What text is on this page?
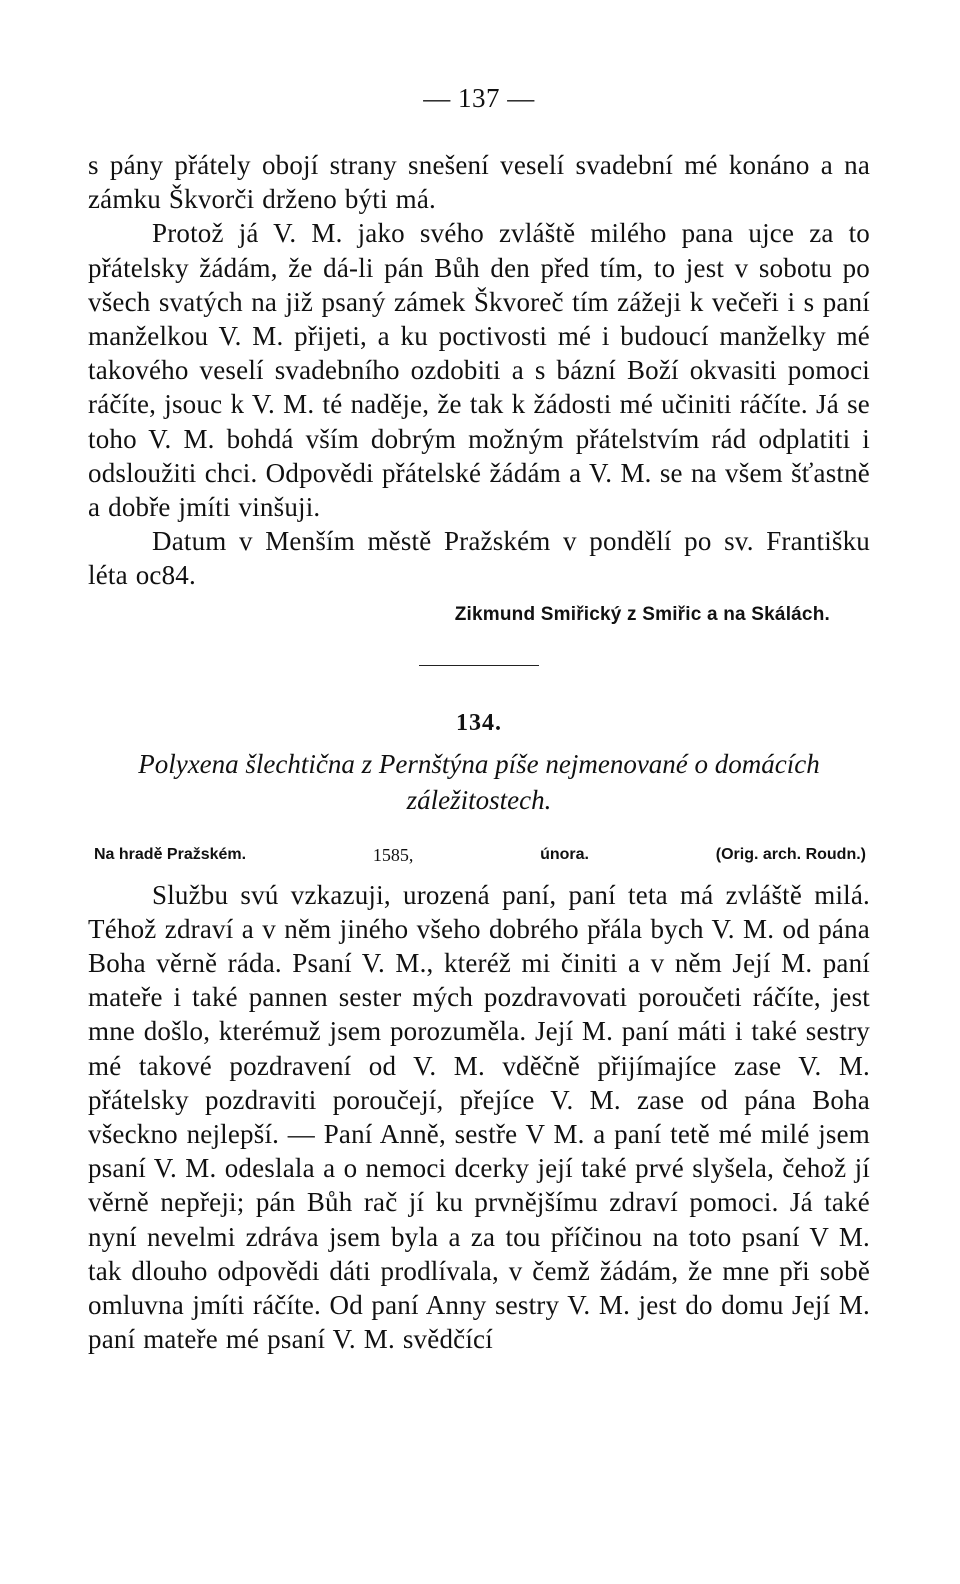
— 137 —

s pány přátely obojí strany snešení veselí svadební mé konáno a na zámku Škvorči drženo býti má.

Protož já V. M. jako svého zvláště milého pana ujce za to přátelsky žádám, že dá-li pán Bůh den před tím, to jest v sobotu po všech svatých na již psaný zámek Škvoreč tím zážeji k večeři i s paní manželkou V. M. přijeti, a ku poctivosti mé i budoucí manželky mé takového veselí svadebního ozdobiti a s bázní Boží okvasiti pomoci ráčíte, jsouc k V. M. té naděje, že tak k žádosti mé učiniti ráčíte. Já se toho V. M. bohdá vším dobrým možným přátelstvím rád odplatiti i odsloužiti chci. Odpovědi přátelské žádám a V. M. se na všem šťastně a dobře jmíti vinšuji.

Datum v Menším městě Pražském v pondělí po sv. Františku léta oc84.

Zikmund Smiřický z Smiřic a na Skálách.
134.
Polyxena šlechtična z Pernštýna píše nejmenované o domácích záležitostech.
Na hradě Pražském.	1585,	února.	(Orig. arch. Roudn.)

Službu svú vzkazuji, urozená paní, paní teta má zvláště milá. Téhož zdraví a v něm jiného všeho dobrého přála bych V. M. od pána Boha věrně ráda. Psaní V. M., kteréž mi činiti a v něm Její M. paní mateře i také pannen sester mých pozdravovati poroučeti ráčíte, jest mne došlo, kterémuž jsem porozuměla. Její M. paní máti i také sestry mé takové pozdravení od V. M. vděčně přijímajíce zase V. M. přátelsky pozdraviti poroučejí, přejíce V. M. zase od pána Boha všeckno nejlepší. — Paní Anně, sestře V M. a paní tetě mé milé jsem psaní V. M. odeslala a o nemoci dcerky její také prvé slyšela, čehož jí věrně nepřeji; pán Bůh rač jí ku prvnějšímu zdraví pomoci. Já také nyní nevelmi zdráva jsem byla a za tou příčinou na toto psaní V M. tak dlouho odpovědi dáti prodlívala, v čemž žádám, že mne při sobě omluvna jmíti ráčíte. Od paní Anny sestry V. M. jest do domu Její M. paní mateře mé psaní V. M. svědčící
